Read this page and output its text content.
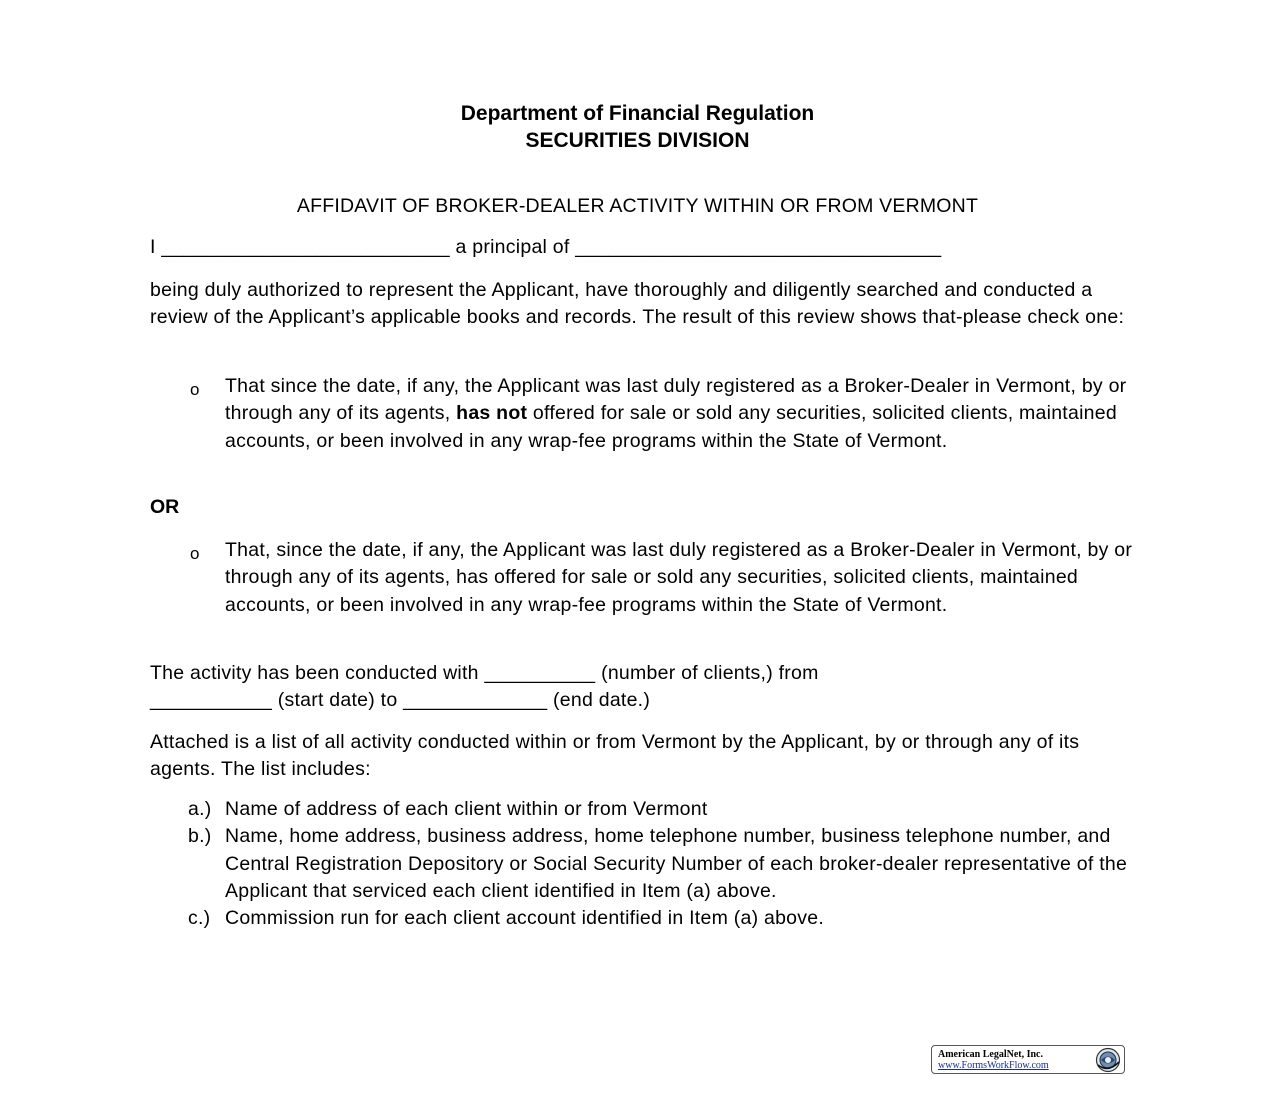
Department of Financial Regulation
SECURITIES DIVISION
AFFIDAVIT OF BROKER-DEALER ACTIVITY WITHIN OR FROM VERMONT
I __________________________ a principal of _________________________________
being duly authorized to represent the Applicant, have thoroughly and diligently searched and conducted a review of the Applicant’s applicable books and records. The result of this review shows that-please check one:
o That since the date, if any, the Applicant was last duly registered as a Broker-Dealer in Vermont, by or through any of its agents, has not offered for sale or sold any securities, solicited clients, maintained accounts, or been involved in any wrap-fee programs within the State of Vermont.
OR
o That, since the date, if any, the Applicant was last duly registered as a Broker-Dealer in Vermont, by or through any of its agents, has offered for sale or sold any securities, solicited clients, maintained accounts, or been involved in any wrap-fee programs within the State of Vermont.
The activity has been conducted with __________ (number of clients,) from
___________ (start date) to _____________ (end date.)
Attached is a list of all activity conducted within or from Vermont by the Applicant, by or through any of its agents. The list includes:
a.) Name of address of each client within or from Vermont
b.) Name, home address, business address, home telephone number, business telephone number, and Central Registration Depository or Social Security Number of each broker-dealer representative of the Applicant that serviced each client identified in Item (a) above.
c.) Commission run for each client account identified in Item (a) above.
American LegalNet, Inc.
www.FormsWorkFlow.com
